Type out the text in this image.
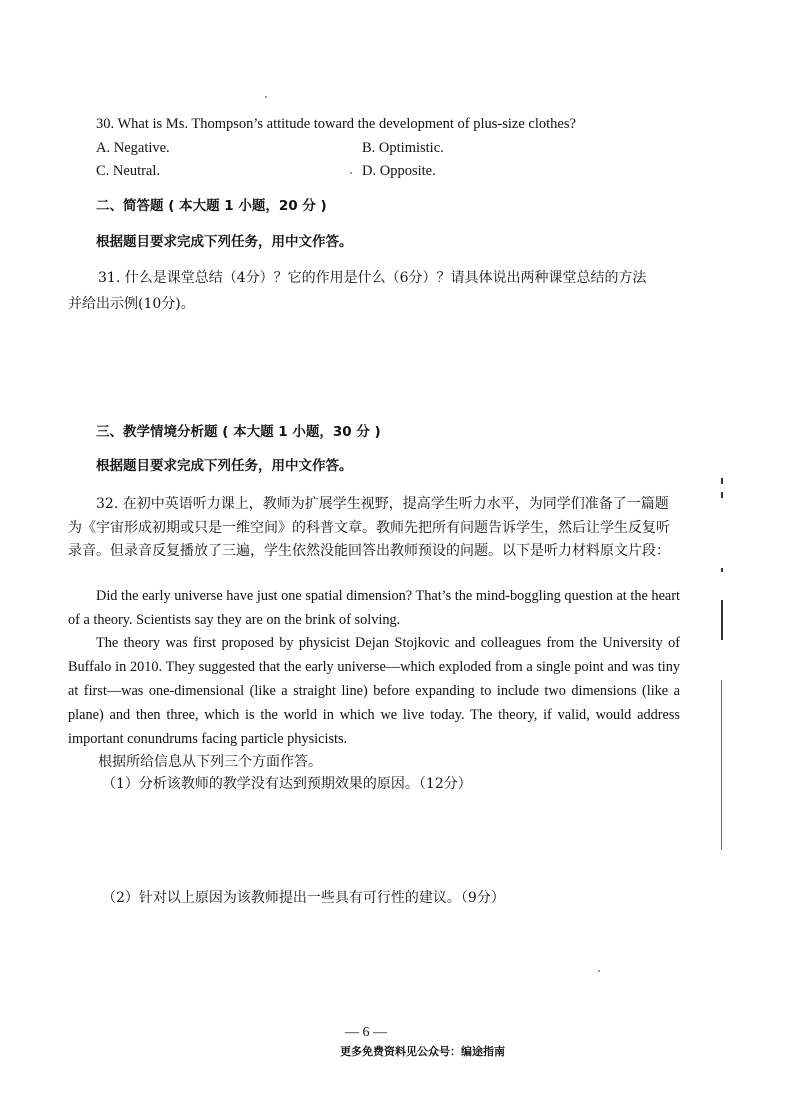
30. What is Ms. Thompson’s attitude toward the development of plus-size clothes?
A. Negative.	B. Optimistic.
C. Neutral.	D. Opposite.
二、简答题 ( 本大题 1 小题，20 分 )
根据题目要求完成下列任务，用中文作答。
31. 什么是课堂总结（4分）？它的作用是什么（6分）？请具体说出两种课堂总结的方法
并给出示例(10分)。
三、教学情境分析题 ( 本大题 1 小题，30 分 )
根据题目要求完成下列任务，用中文作答。

32. 在初中英语听力课上，教师为扩展学生视野，提高学生听力水平，为同学们准备了一篇题为《宇宙形成初期或只是一维空间》的科普文章。教师先把所有问题告诉学生，然后让学生反复听录音。但录音反复播放了三遍，学生依然没能回答出教师预设的问题。以下是听力材料原文片段：

Did the early universe have just one spatial dimension? That’s the mind-boggling question at the heart of a theory. Scientists say they are on the brink of solving.

The theory was first proposed by physicist Dejan Stojkovic and colleagues from the University of Buffalo in 2010. They suggested that the early universe—which exploded from a single point and was tiny at first—was one-dimensional (like a straight line) before expanding to include two dimensions (like a plane) and then three, which is the world in which we live today. The theory, if valid, would address important conundrums facing particle physicists.

根据所给信息从下列三个方面作答。
（1）分析该教师的教学没有达到预期效果的原因。（12分）
（2）针对以上原因为该教师提出一些具有可行性的建议。（9分）
— 6 —
更多免费资料见公众号：编途指南
